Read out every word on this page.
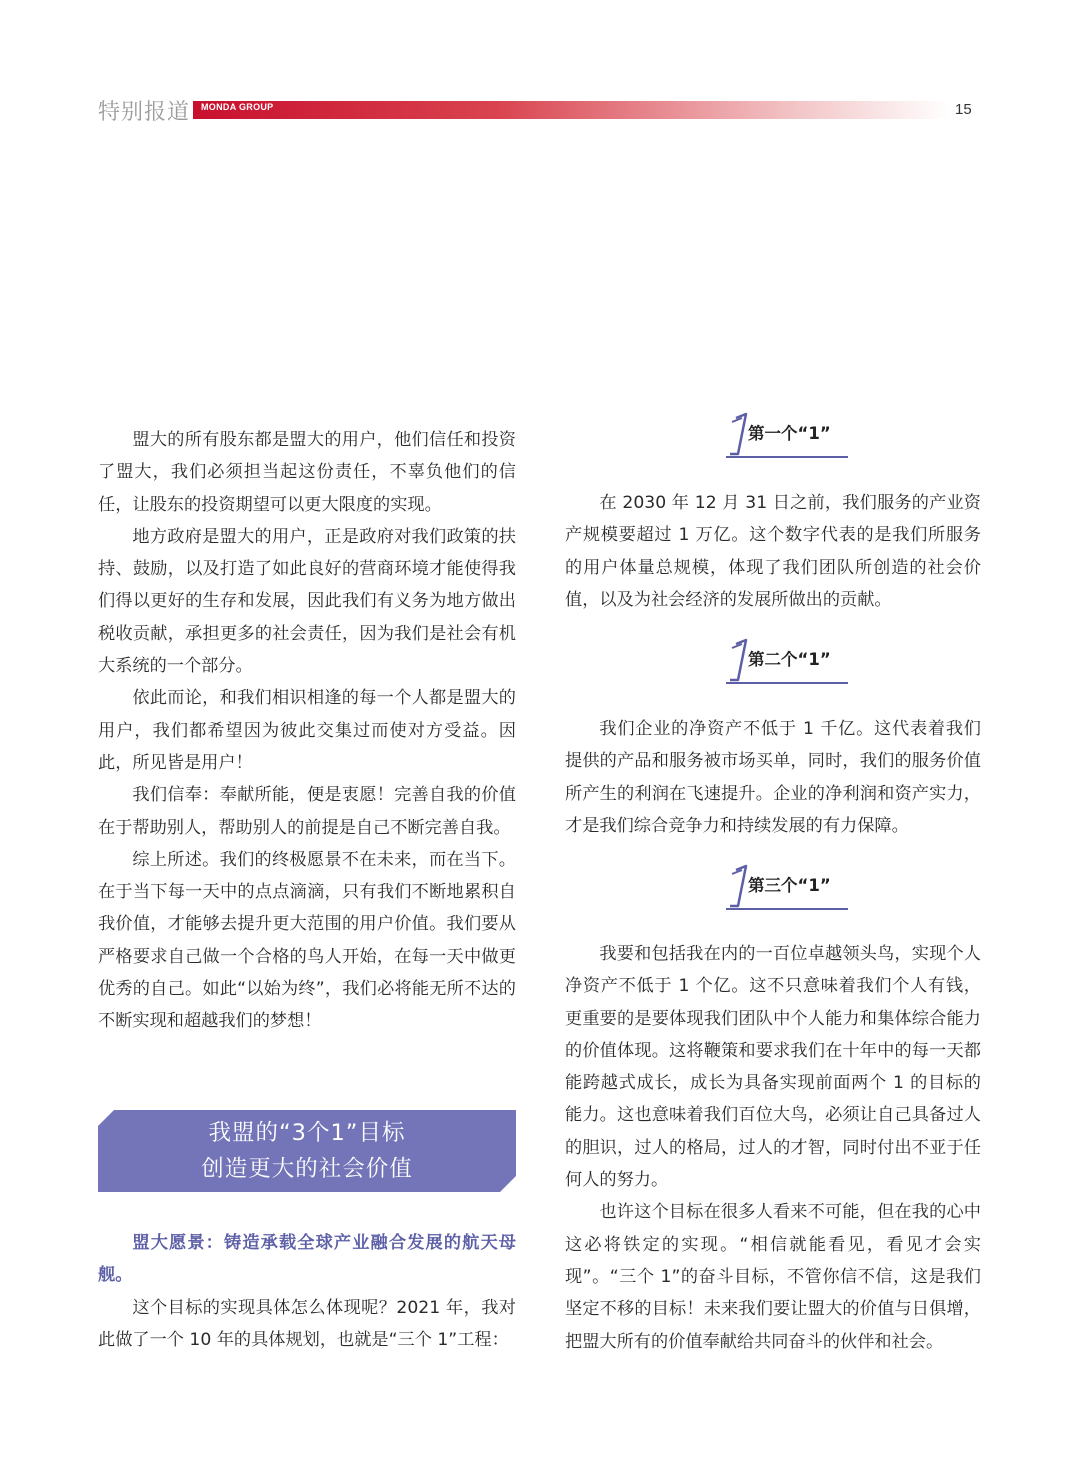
特别报道 MONDA GROUP	15

盟大的所有股东都是盟大的用户，他们信任和投资了盟大，我们必须担当起这份责任，不辜负他们的信任，让股东的投资期望可以更大限度的实现。

地方政府是盟大的用户，正是政府对我们政策的扶持、鼓励，以及打造了如此良好的营商环境才能使得我们得以更好的生存和发展，因此我们有义务为地方做出税收贡献，承担更多的社会责任，因为我们是社会有机大系统的一个部分。

依此而论，和我们相识相逢的每一个人都是盟大的用户，我们都希望因为彼此交集过而使对方受益。因此，所见皆是用户！

我们信奉：奉献所能，便是衷愿！完善自我的价值在于帮助别人，帮助别人的前提是自己不断完善自我。

综上所述。我们的终极愿景不在未来，而在当下。在于当下每一天中的点点滴滴，只有我们不断地累积自我价值，才能够去提升更大范围的用户价值。我们要从严格要求自己做一个合格的鸟人开始，在每一天中做更优秀的自己。如此“以始为终”，我们必将能无所不达的不断实现和超越我们的梦想！

我盟的“3个1”目标
创造更大的社会价值

盟大愿景：铸造承载全球产业融合发展的航天母舰。

这个目标的实现具体怎么体现呢？2021 年，我对此做了一个 10 年的具体规划，也就是“三个 1”工程：

第一个“1”

在 2030 年 12 月 31 日之前，我们服务的产业资产规模要超过 1 万亿。这个数字代表的是我们所服务的用户体量总规模，体现了我们团队所创造的社会价值，以及为社会经济的发展所做出的贡献。

第二个“1”

我们企业的净资产不低于 1 千亿。这代表着我们提供的产品和服务被市场买单，同时，我们的服务价值所产生的利润在飞速提升。企业的净利润和资产实力，才是我们综合竞争力和持续发展的有力保障。

第三个“1”

我要和包括我在内的一百位卓越领头鸟，实现个人净资产不低于 1 个亿。这不只意味着我们个人有钱，更重要的是要体现我们团队中个人能力和集体综合能力的价值体现。这将鞭策和要求我们在十年中的每一天都能跨越式成长，成长为具备实现前面两个 1 的目标的能力。这也意味着我们百位大鸟，必须让自己具备过人的胆识，过人的格局，过人的才智，同时付出不亚于任何人的努力。

也许这个目标在很多人看来不可能，但在我的心中这必将铁定的实现。“相信就能看见，看见才会实现”。“三个 1”的奋斗目标，不管你信不信，这是我们坚定不移的目标！未来我们要让盟大的价值与日俱增，把盟大所有的价值奉献给共同奋斗的伙伴和社会。
